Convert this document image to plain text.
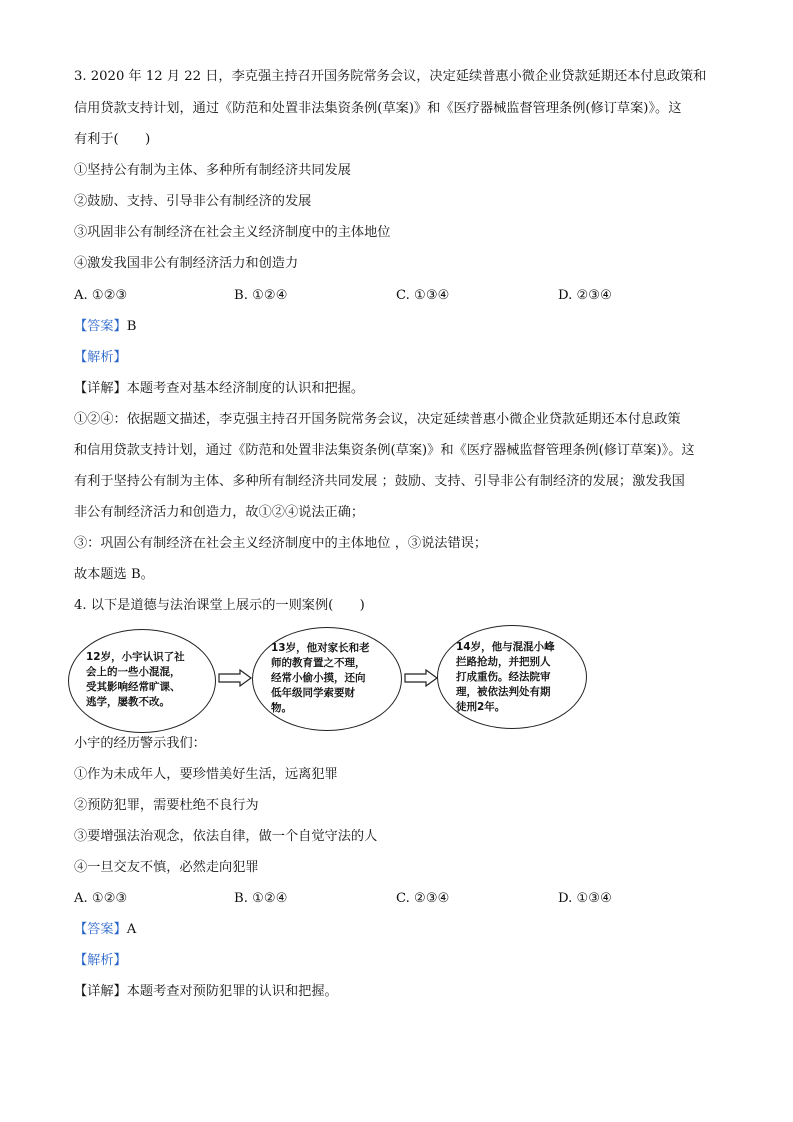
3. 2020 年 12 月 22 日，李克强主持召开国务院常务会议，决定延续普惠小微企业贷款延期还本付息政策和
信用贷款支持计划，通过《防范和处置非法集资条例(草案)》和《医疗器械监督管理条例(修订草案)》。这
有利于(　　)
①坚持公有制为主体、多种所有制经济共同发展
②鼓励、支持、引导非公有制经济的发展
③巩固非公有制经济在社会主义经济制度中的主体地位
④激发我国非公有制经济活力和创造力
A. ①②③	B. ①②④	C. ①③④	D. ②③④
【答案】B
【解析】
【详解】本题考查对基本经济制度的认识和把握。
①②④：依据题文描述，李克强主持召开国务院常务会议，决定延续普惠小微企业贷款延期还本付息政策
和信用贷款支持计划，通过《防范和处置非法集资条例(草案)》和《医疗器械监督管理条例(修订草案)》。这
有利于坚持公有制为主体、多种所有制经济共同发展 ；鼓励、支持、引导非公有制经济的发展；激发我国
非公有制经济活力和创造力，故①②④说法正确；
③：巩固公有制经济在社会主义经济制度中的主体地位 ，③说法错误；
故本题选 B。
4. 以下是道德与法治课堂上展示的一则案例(　　)
12岁，小宇认识了社
会上的一些小混混，
受其影响经常旷课、
逃学，屡教不改。
13岁，他对家长和老
师的教育置之不理，
经常小偷小摸，还向
低年级同学索要财
物。
14岁，他与混混小峰
拦路抢劫，并把别人
打成重伤。经法院审
理，被依法判处有期
徒刑2年。
小宇的经历警示我们：
①作为未成年人，要珍惜美好生活，远离犯罪
②预防犯罪，需要杜绝不良行为
③要增强法治观念，依法自律，做一个自觉守法的人
④一旦交友不慎，必然走向犯罪
A. ①②③	B. ①②④	C. ②③④	D. ①③④
【答案】A
【解析】
【详解】本题考查对预防犯罪的认识和把握。
